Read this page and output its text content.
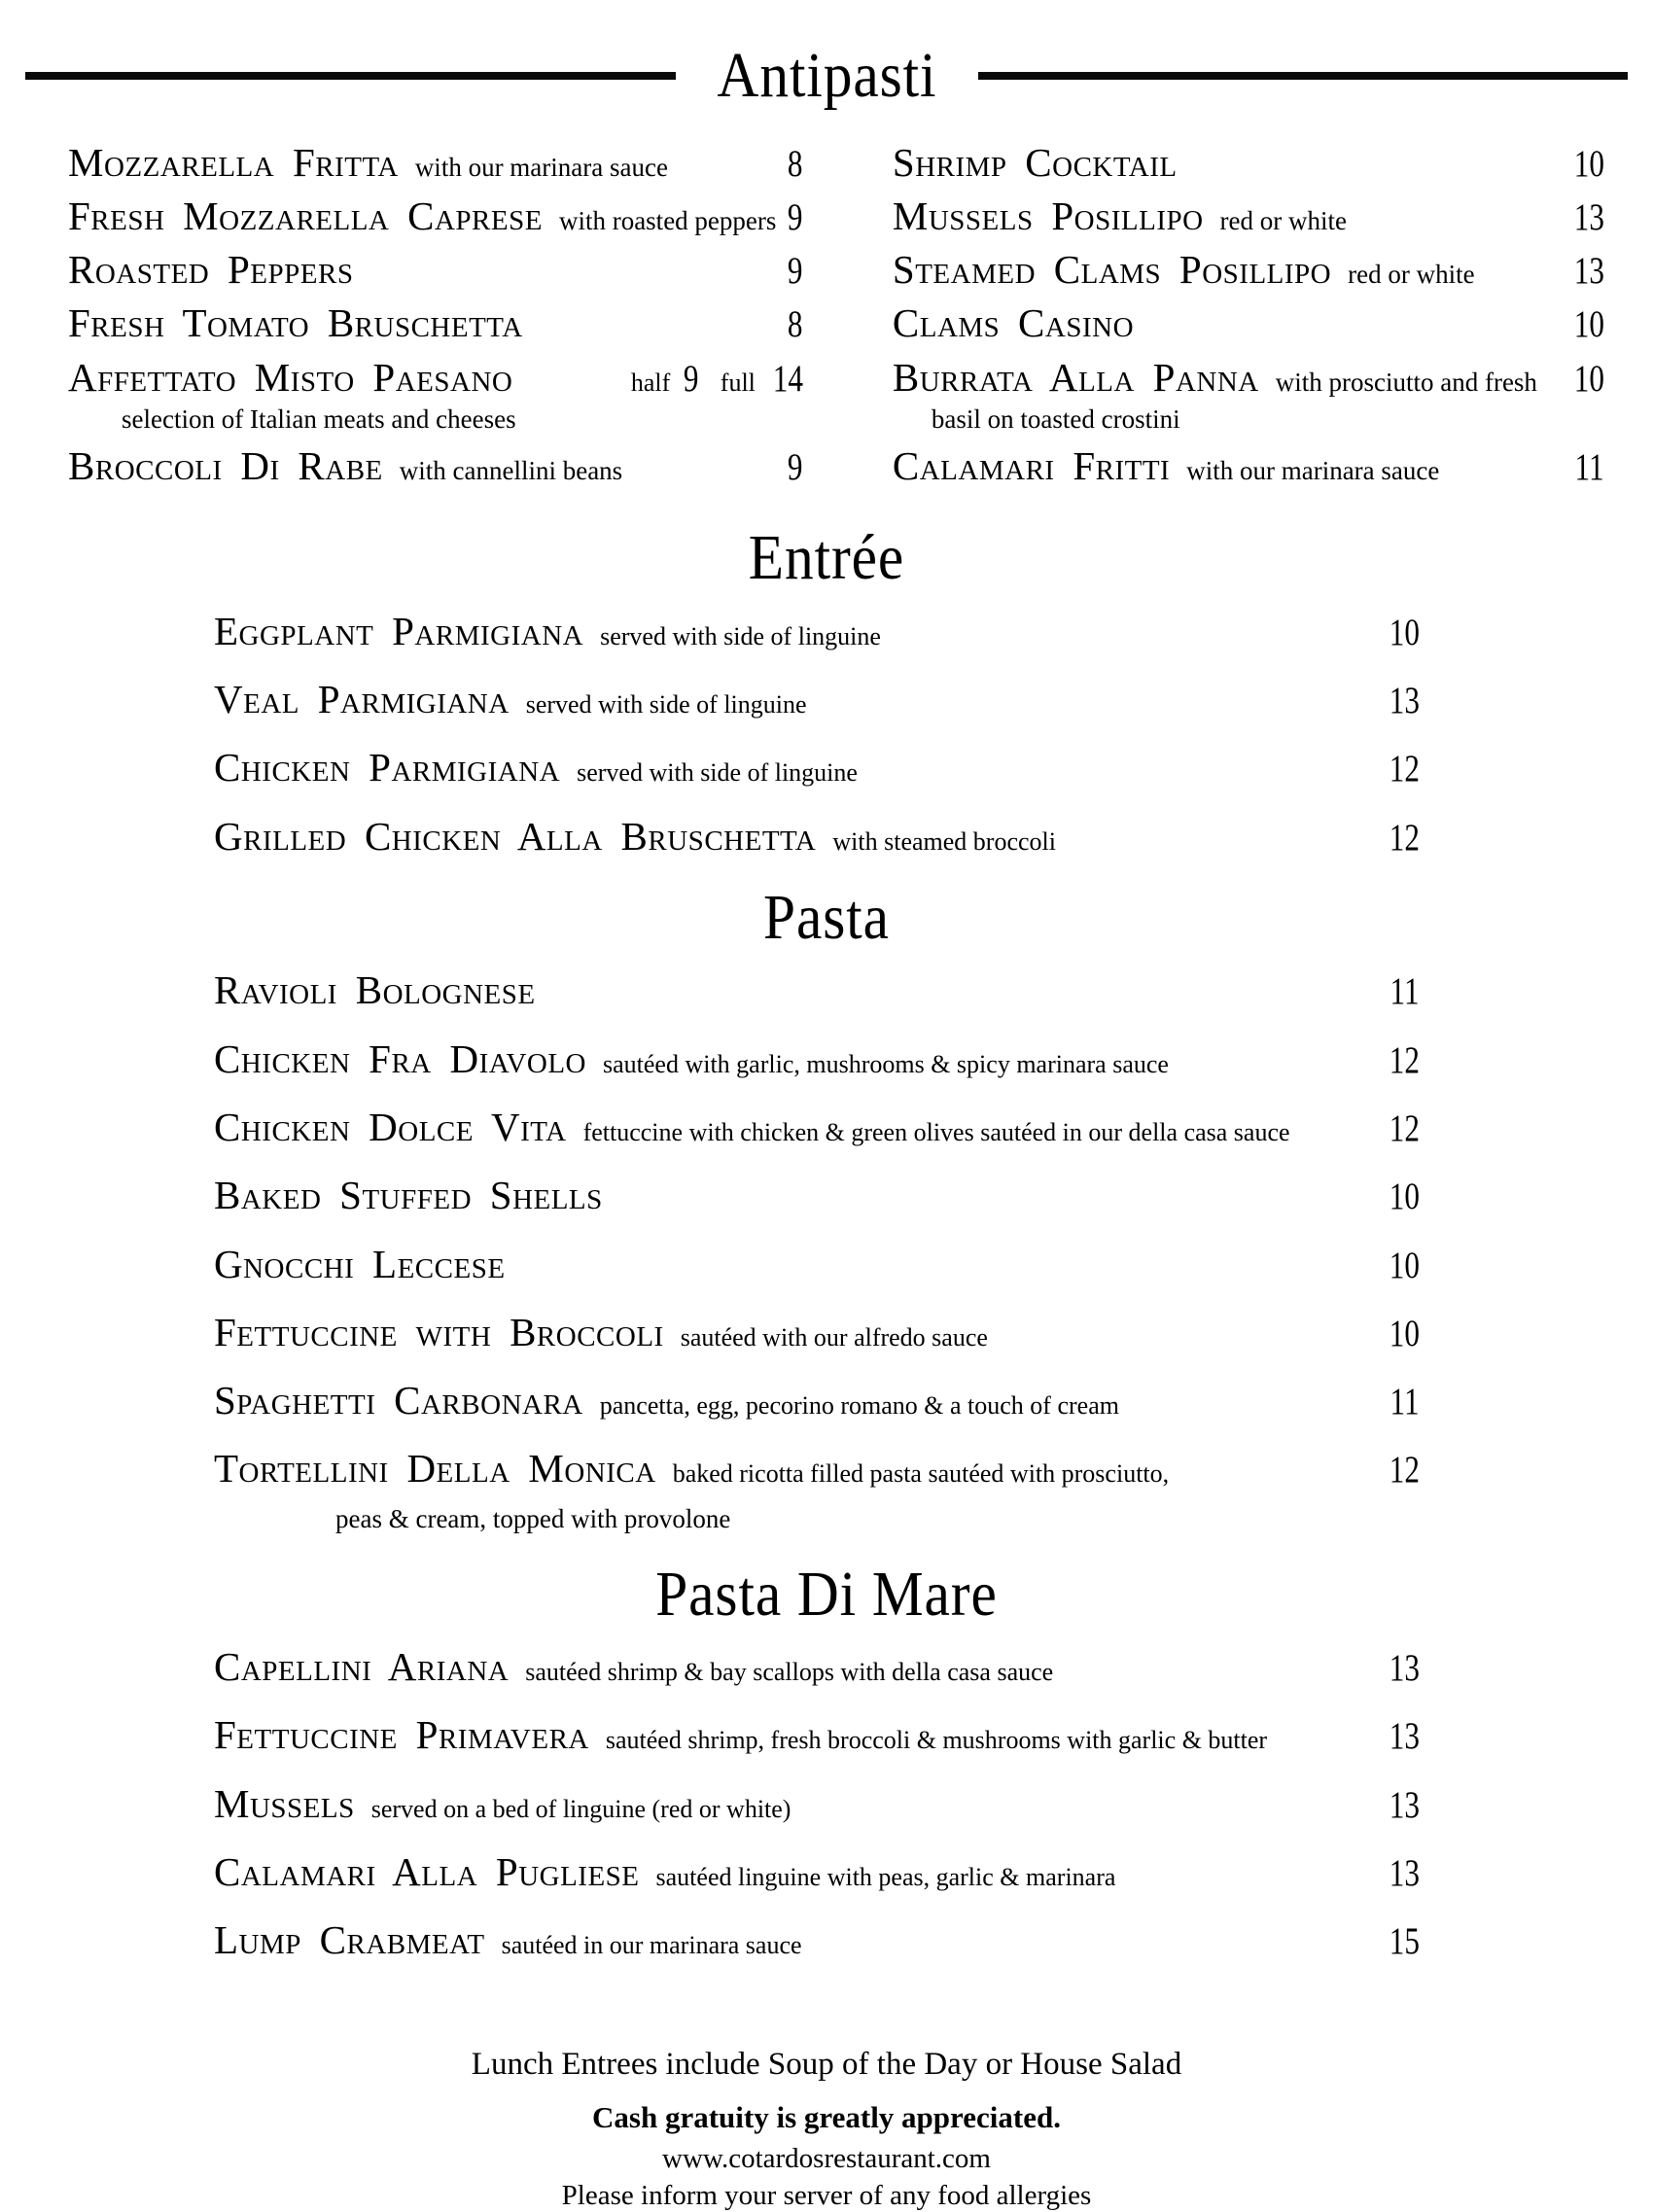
Antipasti
Mozzarella Fritta with our marinara sauce	8
Fresh Mozzarella Caprese with roasted peppers 9
Roasted Peppers	9
Fresh Tomato Bruschetta	8
Affettato Misto Paesano	half 9 full 14
selection of Italian meats and cheeses
Broccoli Di Rabe with cannellini beans	9
Shrimp Cocktail	10
Mussels Posillipo red or white	13
Steamed Clams Posillipo red or white	13
Clams Casino	10
Burrata Alla Panna with prosciutto and fresh 10
basil on toasted crostini
Calamari Fritti with our marinara sauce	11
Entrée
Eggplant Parmigiana served with side of linguine	10
Veal Parmigiana served with side of linguine	13
Chicken Parmigiana served with side of linguine	12
Grilled Chicken Alla Bruschetta with steamed broccoli	12
Pasta
Ravioli Bolognese	11
Chicken Fra Diavolo sautéed with garlic, mushrooms & spicy marinara sauce	12
Chicken Dolce Vita fettuccine with chicken & green olives sautéed in our della casa sauce	12
Baked Stuffed Shells	10
Gnocchi Leccese	10
Fettuccine with Broccoli sautéed with our alfredo sauce	10
Spaghetti Carbonara pancetta, egg, pecorino romano & a touch of cream	11
Tortellini Della Monica baked ricotta filled pasta sautéed with prosciutto,	12
peas & cream, topped with provolone
Pasta Di Mare
Capellini Ariana sautéed shrimp & bay scallops with della casa sauce	13
Fettuccine Primavera sautéed shrimp, fresh broccoli & mushrooms with garlic & butter	13
Mussels served on a bed of linguine (red or white)	13
Calamari Alla Pugliese sautéed linguine with peas, garlic & marinara	13
Lump Crabmeat sautéed in our marinara sauce	15
Lunch Entrees include Soup of the Day or House Salad
Cash gratuity is greatly appreciated.
www.cotardosrestaurant.com
Please inform your server of any food allergies
